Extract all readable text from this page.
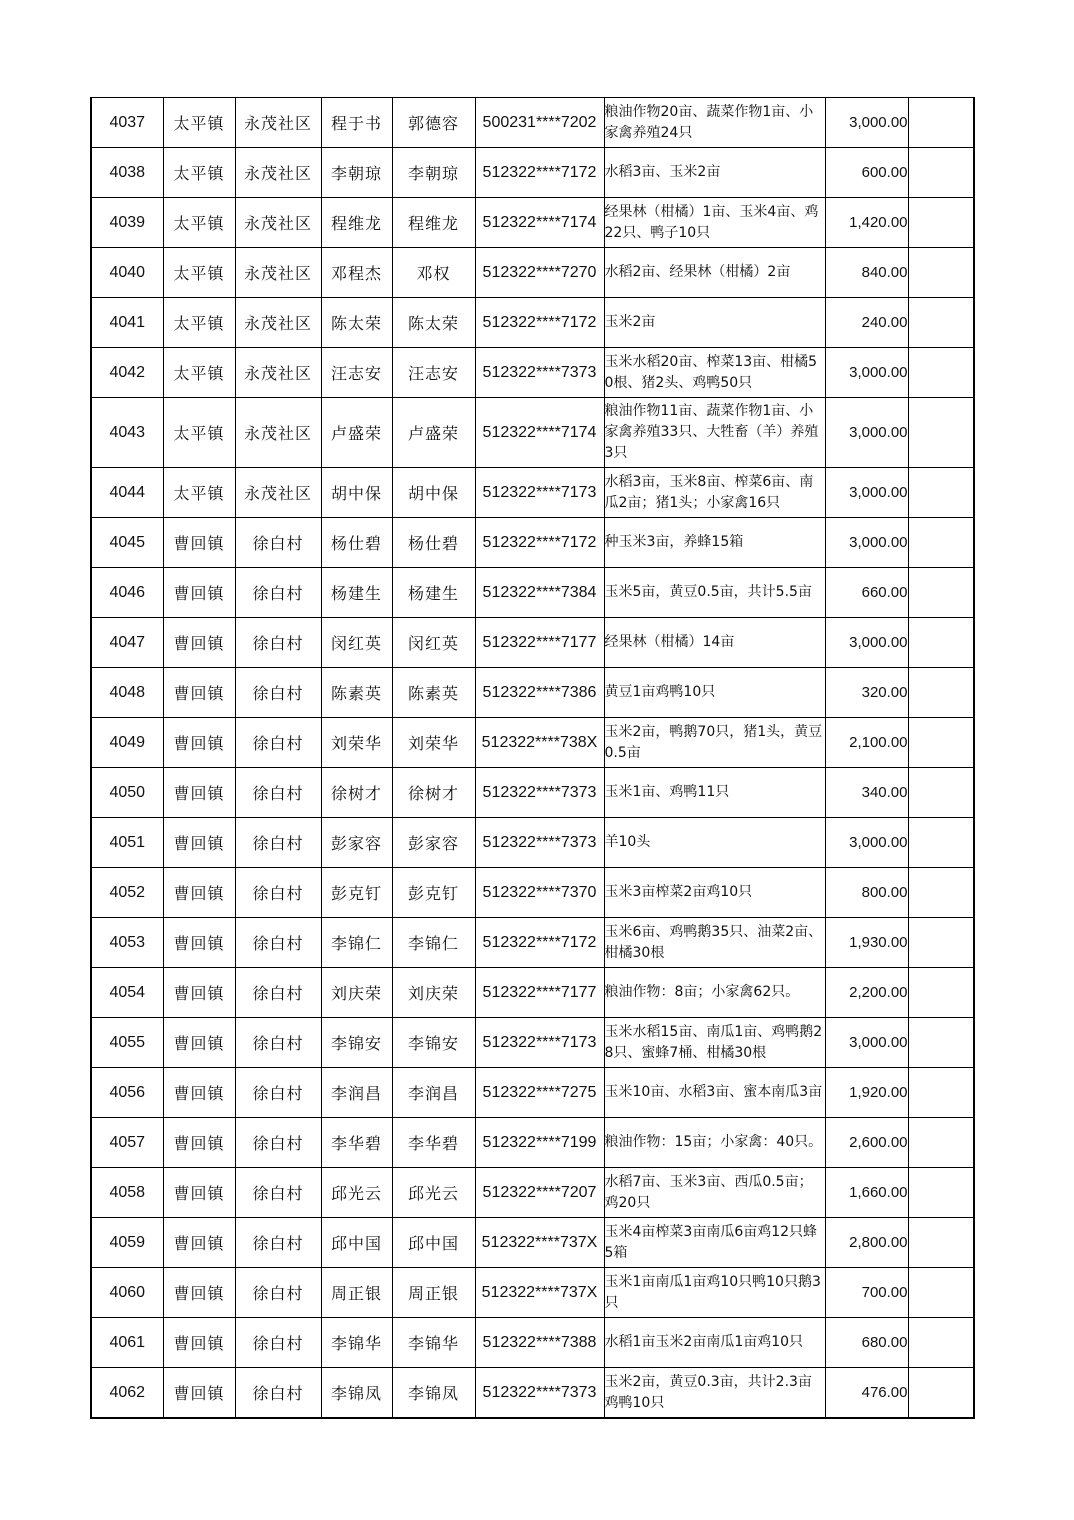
4037	太平镇	永茂社区	程于书	郭德容	500231****7202	粮油作物20亩、蔬菜作物1亩、小家禽养殖24只	3,000.00	
4038	太平镇	永茂社区	李朝琼	李朝琼	512322****7172	水稻3亩、玉米2亩	600.00	
4039	太平镇	永茂社区	程维龙	程维龙	512322****7174	经果林（柑橘）1亩、玉米4亩、鸡22只、鸭子10只	1,420.00	
4040	太平镇	永茂社区	邓程杰	邓权	512322****7270	水稻2亩、经果林（柑橘）2亩	840.00	
4041	太平镇	永茂社区	陈太荣	陈太荣	512322****7172	玉米2亩	240.00	
4042	太平镇	永茂社区	汪志安	汪志安	512322****7373	玉米水稻20亩、榨菜13亩、柑橘50根、猪2头、鸡鸭50只	3,000.00	
4043	太平镇	永茂社区	卢盛荣	卢盛荣	512322****7174	粮油作物11亩、蔬菜作物1亩、小家禽养殖33只、大牲畜（羊）养殖3只	3,000.00	
4044	太平镇	永茂社区	胡中保	胡中保	512322****7173	水稻3亩，玉米8亩、榨菜6亩、南瓜2亩；猪1头；小家禽16只	3,000.00	
4045	曹回镇	徐白村	杨仕碧	杨仕碧	512322****7172	种玉米3亩，养蜂15箱	3,000.00	
4046	曹回镇	徐白村	杨建生	杨建生	512322****7384	玉米5亩，黄豆0.5亩，共计5.5亩	660.00	
4047	曹回镇	徐白村	闵红英	闵红英	512322****7177	经果林（柑橘）14亩	3,000.00	
4048	曹回镇	徐白村	陈素英	陈素英	512322****7386	黄豆1亩鸡鸭10只	320.00	
4049	曹回镇	徐白村	刘荣华	刘荣华	512322****738X	玉米2亩，鸭鹅70只，猪1头，黄豆0.5亩	2,100.00	
4050	曹回镇	徐白村	徐树才	徐树才	512322****7373	玉米1亩、鸡鸭11只	340.00	
4051	曹回镇	徐白村	彭家容	彭家容	512322****7373	羊10头	3,000.00	
4052	曹回镇	徐白村	彭克钉	彭克钉	512322****7370	玉米3亩榨菜2亩鸡10只	800.00	
4053	曹回镇	徐白村	李锦仁	李锦仁	512322****7172	玉米6亩、鸡鸭鹅35只、油菜2亩、柑橘30根	1,930.00	
4054	曹回镇	徐白村	刘庆荣	刘庆荣	512322****7177	粮油作物：8亩；小家禽62只。	2,200.00	
4055	曹回镇	徐白村	李锦安	李锦安	512322****7173	玉米水稻15亩、南瓜1亩、鸡鸭鹅28只、蜜蜂7桶、柑橘30根	3,000.00	
4056	曹回镇	徐白村	李润昌	李润昌	512322****7275	玉米10亩、水稻3亩、蜜本南瓜3亩	1,920.00	
4057	曹回镇	徐白村	李华碧	李华碧	512322****7199	粮油作物：15亩；小家禽：40只。	2,600.00	
4058	曹回镇	徐白村	邱光云	邱光云	512322****7207	水稻7亩、玉米3亩、西瓜0.5亩；鸡20只	1,660.00	
4059	曹回镇	徐白村	邱中国	邱中国	512322****737X	玉米4亩榨菜3亩南瓜6亩鸡12只蜂5箱	2,800.00	
4060	曹回镇	徐白村	周正银	周正银	512322****737X	玉米1亩南瓜1亩鸡10只鸭10只鹅3只	700.00	
4061	曹回镇	徐白村	李锦华	李锦华	512322****7388	水稻1亩玉米2亩南瓜1亩鸡10只	680.00	
4062	曹回镇	徐白村	李锦凤	李锦凤	512322****7373	玉米2亩，黄豆0.3亩，共计2.3亩鸡鸭10只	476.00	
